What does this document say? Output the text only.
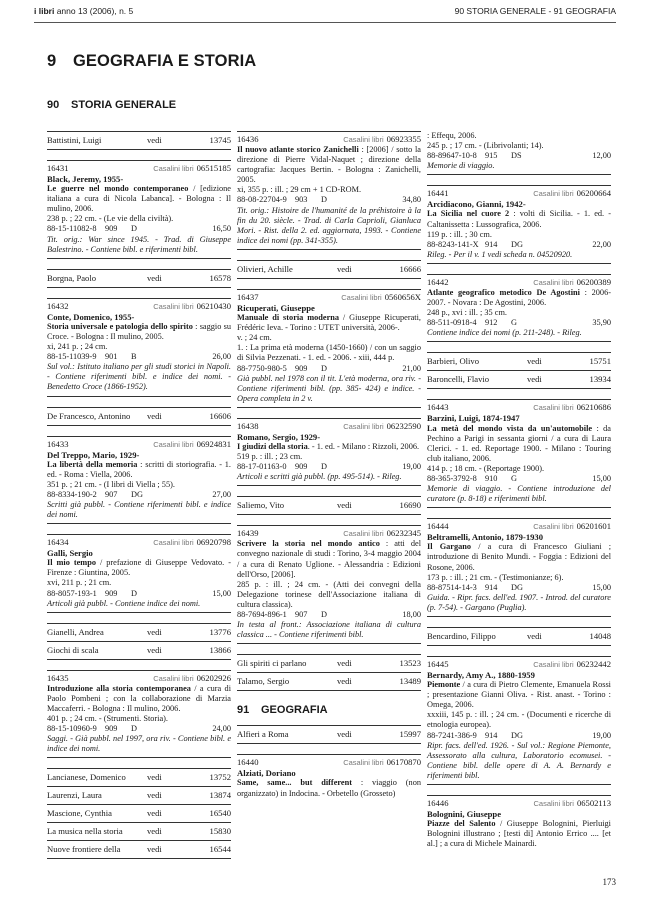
i libri anno 13 (2006), n. 5	90 STORIA GENERALE - 91 GEOGRAFIA
9 GEOGRAFIA E STORIA
90 STORIA GENERALE
Battistini, Luigi	vedi	13745
16431	Casalini libri 06515185
Black, Jeremy, 1955-
Le guerre nel mondo contemporaneo / [edizione italiana a cura di Nicola Labanca]. - Bologna : Il mulino, 2006.
238 p. ; 22 cm. - (Le vie della civiltà).
88-15-11082-8	909	D	16,50
Tit. orig.: War since 1945. - Trad. di Giuseppe Balestrino. - Contiene bibl. e riferimenti bibl.
Borgna, Paolo	vedi	16578
16432	Casalini libri 06210430
Conte, Domenico, 1955-
Storia universale e patologia dello spirito : saggio su Croce. - Bologna : Il mulino, 2005.
xi, 241 p. ; 24 cm.
88-15-11039-9	901	B	26,00
Sul vol.: Istituto italiano per gli studi storici in Napoli. - Contiene riferimenti bibl. e indice dei nomi. - Benedetto Croce (1866-1952).
De Francesco, Antonino	vedi	16606
16433	Casalini libri 06924831
Del Treppo, Mario, 1929-
La libertà della memoria : scritti di storiografia. - 1. ed. - Roma : Viella, 2006.
351 p. ; 21 cm. - (I libri di Viella ; 55).
88-8334-190-2 907	DG	27,00
Scritti già pubbl. - Contiene riferimenti bibl. e indice dei nomi.
16434	Casalini libri 06920798
Galli, Sergio
Il mio tempo / prefazione di Giuseppe Vedovato. - Firenze : Giuntina, 2005.
xvi, 211 p. ; 21 cm.
88-8057-193-1 909	D	15,00
Articoli già pubbl. - Contiene indice dei nomi.
Gianelli, Andrea	vedi	13776
Giochi di scala	vedi	13866
16435	Casalini libri 06202926
Introduzione alla storia contemporanea / a cura di Paolo Pombeni ; con la collaborazione di Marzia Maccaferri. - Bologna : Il mulino, 2006.
401 p. ; 24 cm. - (Strumenti. Storia).
88-15-10960-9 909	D	24,00
Saggi. - Già pubbl. nel 1997, ora riv. - Contiene bibl. e indice dei nomi.
Lancianese, Domenico	vedi	13752
Laurenzi, Laura	vedi	13874
Mascione, Cynthia	vedi	16540
La musica nella storia	vedi	15830
Nuove frontiere della	vedi	16544
16436	Casalini libri 06923355
Il nuovo atlante storico Zanichelli : [2006] / sotto la direzione di Pierre Vidal-Naquet ; direzione della cartografia: Jacques Bertin. - Bologna : Zanichelli, 2005.
xi, 355 p. : ill. ; 29 cm + 1 CD-ROM.
88-08-22704-9 903	D	34,80
Tit. orig.: Histoire de l'humanité de la préhistoire à la fin du 20. siècle. - Trad. di Carla Caprioli, Gianluca Mori. - Rist. della 2. ed. aggiornata, 1993. - Contiene indice dei nomi (pp. 341-355).
Olivieri, Achille	vedi	16666
16437	Casalini libri 0560656X
Ricuperati, Giuseppe
Manuale di storia moderna / Giuseppe Ricuperati, Frédéric Ieva. - Torino : UTET università, 2006-.
v. ; 24 cm.
1. : La prima età moderna (1450-1660) / con un saggio di Silvia Pezzenati. - 1. ed. - 2006. - xiii, 444 p.
88-7750-980-5 909	D	21,00
Già pubbl. nel 1978 con il tit. L'età moderna, ora riv. - Contiene riferimenti bibl. (pp. 385- 424) e indice. - Opera completa in 2 v.
16438	Casalini libri 06232590
Romano, Sergio, 1929-
I giudizi della storia. - 1. ed. - Milano : Rizzoli, 2006.
519 p. : ill. ; 23 cm.
88-17-01163-0	909	D	19,00
Articoli e scritti già pubbl. (pp. 495-514). - Rileg.
Saliemo, Vito	vedi	16690
16439	Casalini libri 06232345
Scrivere la storia nel mondo antico : atti del convegno nazionale di studi : Torino, 3-4 maggio 2004 / a cura di Renato Uglione. - Alessandria : Edizioni dell'Orso, [2006].
285 p. : ill. ; 24 cm. - (Atti dei convegni della Delegazione torinese dell'Associazione italiana di cultura classica).
88-7694-896-1 907	D	18,00
In testa al front.: Associazione italiana di cultura classica ... - Contiene riferimenti bibl.
Gli spiriti ci parlano	vedi	13523
Talamo, Sergio	vedi	13489
91 GEOGRAFIA
Alfieri a Roma	vedi	15997
16440	Casalini libri 06170870
Alziati, Doriano
Same, same... but different : viaggio (non organizzato) in Indocina. - Orbetello (Grosseto)
: Effequ, 2006.
245 p. ; 17 cm. - (Librivolanti; 14).
88-89647-10-8 915	DS	12,00
Memorie di viaggio.
16441	Casalini libri 06200664
Arcidiacono, Gianni, 1942-
La Sicilia nel cuore 2 : volti di Sicilia. - 1. ed. - Caltanissetta : Lussografica, 2006.
119 p. : ill. ; 30 cm.
88-8243-141-X 914	DG	22,00
Rileg. - Per il v. 1 vedi scheda n. 04520920.
16442	Casalini libri 06200389
Atlante geografico metodico De Agostini : 2006-2007. - Novara : De Agostini, 2006.
248 p., xvi : ill. ; 35 cm.
88-511-0918-4	912	G	35,90
Contiene indice dei nomi (p. 211-248). - Rileg.
Barbieri, Olivo	vedi	15751
Baroncelli, Flavio	vedi	13934
16443	Casalini libri 06210686
Barzini, Luigi, 1874-1947
La metà del mondo vista da un'automobile : da Pechino a Parigi in sessanta giorni / a cura di Laura Clerici. - 1. ed. Reportage 1900. - Milano : Touring club italiano, 2006.
414 p. ; 18 cm. - (Reportage 1900).
88-365-3792-8 910	G	15,00
Memorie di viaggio. - Contiene introduzione del curatore (p. 8-18) e riferimenti bibl.
16444	Casalini libri 06201601
Beltramelli, Antonio, 1879-1930
Il Gargano / a cura di Francesco Giuliani ; introduzione di Benito Mundi. - Foggia : Edizioni del Rosone, 2006.
173 p. : ill. ; 21 cm. - (Testimonianze; 6).
88-87514-14-3 914	DG	15,00
Guida. - Ripr. facs. dell'ed. 1907. - Introd. del curatore (p. 7-54). - Gargano (Puglia).
Bencardino, Filippo	vedi	14048
16445	Casalini libri 06232442
Bernardy, Amy A., 1880-1959
Piemonte / a cura di Pietro Clemente, Emanuela Rossi ; presentazione Gianni Oliva. - Rist. anast. - Torino : Omega, 2006.
xxxiii, 145 p. : ill. ; 24 cm. - (Documenti e ricerche di etnologia europea).
88-7241-386-9 914	DG	19,00
Ripr. facs. dell'ed. 1926. - Sul vol.: Regione Piemonte, Assessorato alla cultura, Laboratorio ecomusei. - Contiene bibl. delle opere di A. A. Bernardy e riferimenti bibl.
16446	Casalini libri 06502113
Bolognini, Giuseppe
Piazze del Salento / Giuseppe Bolognini, Pierluigi Bolognini illustrano ; [testi di] Antonio Errico .... [et al.] ; a cura di Michele Mainardi.
173
